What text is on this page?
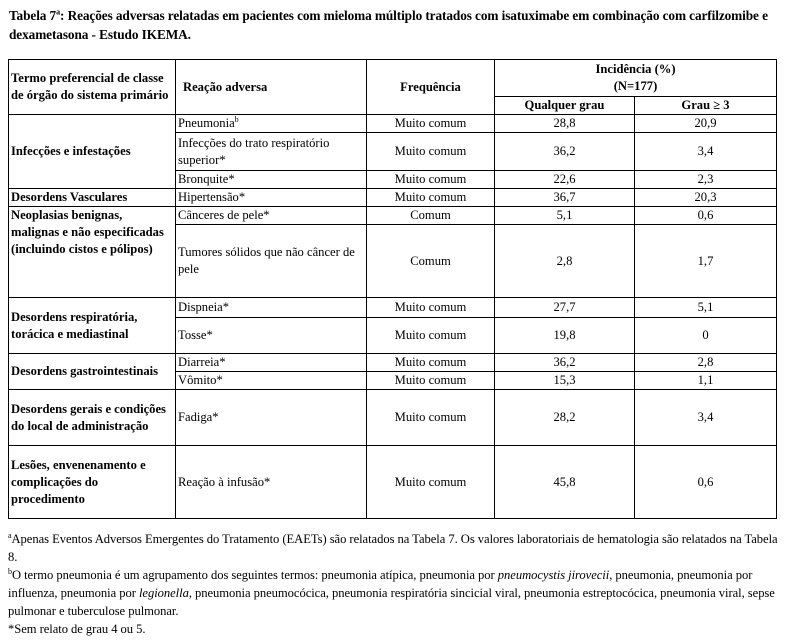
Tabela 7$^a$: Reações adversas relatadas em pacientes com mieloma múltiplo tratados com isatuximabe em combinação com carfilzomibe e dexametasona - Estudo IKEMA.
Termo preferencial de classe de órgão do sistema primário	Reação adversa	Frequência	Incidência (%)
(N=177)	
			Qualquer grau	Grau ≥ 3
Infecções e infestações	Pneumonia$^b$	Muito comum	28,8	20,9
	Infecções do trato respiratório superior*	Muito comum	36,2	3,4
	Bronquite*	Muito comum	22,6	2,3
Desordens Vasculares	Hipertensão*	Muito comum	36,7	20,3
Neoplasias benignas, malignas e não especificadas (incluindo cistos e pólipos)	Cânceres de pele*	Comum	5,1	0,6
	Tumores sólidos que não câncer de pele	Comum	2,8	1,7
Desordens respiratória, torácica e mediastinal	Dispneia*	Muito comum	27,7	5,1
	Tosse*	Muito comum	19,8	0
Desordens gastrointestinais	Diarreia*	Muito comum	36,2	2,8
	Vômito*	Muito comum	15,3	1,1
Desordens gerais e condições do local de administração	Fadiga*	Muito comum	28,2	3,4
Lesões, envenenamento e complicações do procedimento	Reação à infusão*	Muito comum	45,8	0,6

$^a$Apenas Eventos Adversos Emergentes do Tratamento (EAETs) são relatados na Tabela 7. Os valores laboratoriais de hematologia são relatados na Tabela 8.

$^b$O termo pneumonia é um agrupamento dos seguintes termos: pneumonia atípica, pneumonia por pneumocystis jirovecii, pneumonia, pneumonia por influenza, pneumonia por legionella, pneumonia pneumocócica, pneumonia respiratória sincicial viral, pneumonia estreptocócica, pneumonia viral, sepse pulmonar e tuberculose pulmonar.

*Sem relato de grau 4 ou 5.
